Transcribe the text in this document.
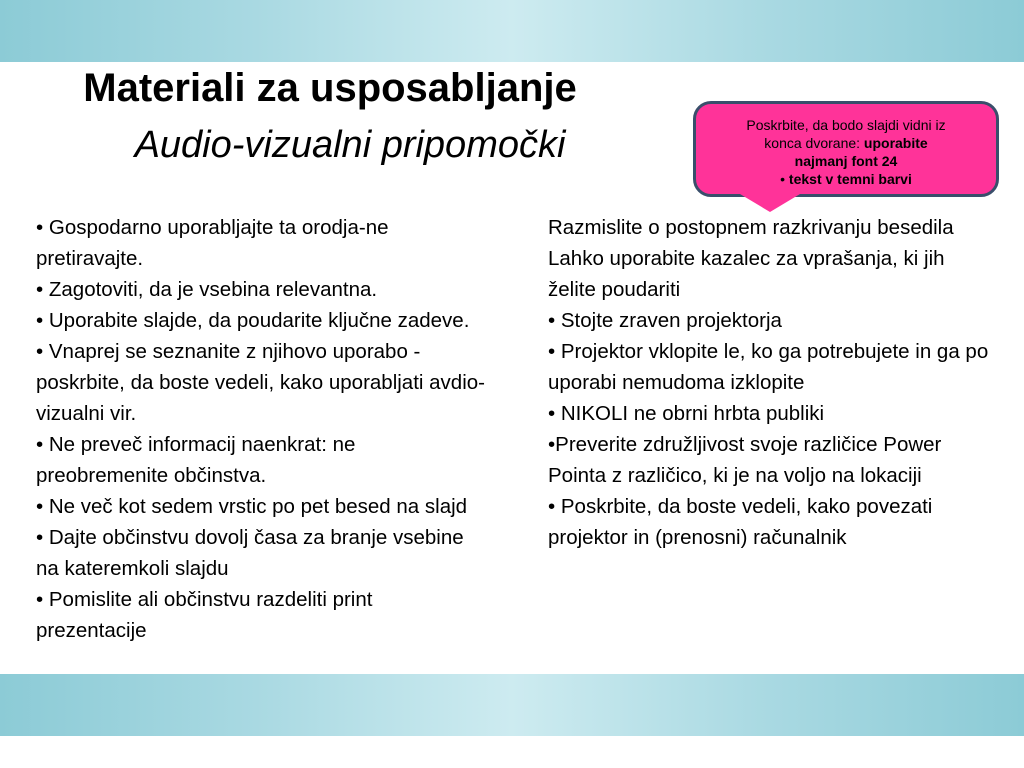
Materiali za usposabljanje
Audio-vizualni pripomočki	Poskrbite, da bodo slajdi vidni iz
konca dvorane: uporabite
najmanj font 24
• tekst v temni barvi

• Gospodarno uporabljajte ta orodja-ne pretiravajte.

• Zagotoviti, da je vsebina relevantna.

• Uporabite slajde, da poudarite ključne zadeve.

• Vnaprej se seznanite z njihovo uporabo - poskrbite, da boste vedeli, kako uporabljati avdio-vizualni vir.

• Ne preveč informacij naenkrat: ne preobremenite občinstva.

• Ne več kot sedem vrstic po pet besed na slajd

• Dajte občinstvu dovolj časa za branje vsebine na kateremkoli slajdu

• Pomislite ali občinstvu razdeliti print prezentacije

Razmislite o postopnem razkrivanju besedila

Lahko uporabite kazalec za vprašanja, ki jih želite poudariti

• Stojte zraven projektorja

• Projektor vklopite le, ko ga potrebujete in ga po uporabi nemudoma izklopite

• NIKOLI ne obrni hrbta publiki

•Preverite združljivost svoje različice Power Pointa z različico, ki je na voljo na lokaciji

• Poskrbite, da boste vedeli, kako povezati projektor in (prenosni) računalnik
